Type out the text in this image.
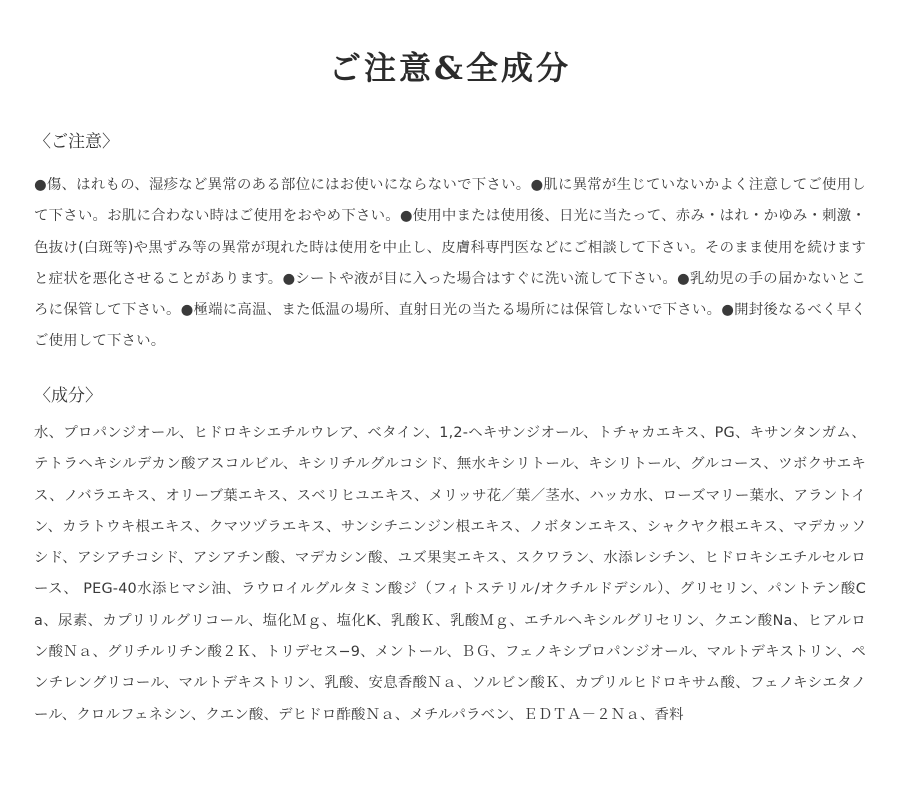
ご注意&全成分
〈ご注意〉
●傷、はれもの、湿疹など異常のある部位にはお使いにならないで下さい。●肌に異常が生じていないかよく注意してご使用して下さい。お肌に合わない時はご使用をおやめ下さい。●使用中または使用後、日光に当たって、赤み・はれ・かゆみ・刺激・色抜け(白斑等)や黒ずみ等の異常が現れた時は使用を中止し、皮膚科専門医などにご相談して下さい。そのまま使用を続けますと症状を悪化させることがあります。●シートや液が目に入った場合はすぐに洗い流して下さい。●乳幼児の手の届かないところに保管して下さい。●極端に高温、また低温の場所、直射日光の当たる場所には保管しないで下さい。●開封後なるべく早くご使用して下さい。
〈成分〉
水、プロパンジオール、ヒドロキシエチルウレア、ベタイン、1,2-ヘキサンジオール、トチャカエキス、PG、キサンタンガム、テトラヘキシルデカン酸アスコルビル、キシリチルグルコシド、無水キシリトール、キシリトール、グルコース、ツボクサエキス、ノバラエキス、オリーブ葉エキス、スベリヒユエキス、メリッサ花／葉／茎水、ハッカ水、ローズマリー葉水、アラントイン、カラトウキ根エキス、クマツヅラエキス、サンシチニンジン根エキス、ノボタンエキス、シャクヤク根エキス、マデカッソシド、アシアチコシド、アシアチン酸、マデカシン酸、ユズ果実エキス、スクワラン、水添レシチン、ヒドロキシエチルセルロース、 PEG-40水添ヒマシ油、ラウロイルグルタミン酸ジ（フィトステリル/オクチルドデシル）、グリセリン、パントテン酸Ca、尿素、カプリリルグリコール、塩化Ｍｇ、塩化K、乳酸Ｋ、乳酸Ｍｇ、エチルヘキシルグリセリン、クエン酸Na、ヒアルロン酸Ｎａ、グリチルリチン酸２Ｋ、トリデセス−9、メントール、ＢＧ、フェノキシプロパンジオール、マルトデキストリン、ペンチレングリコール、マルトデキストリン、乳酸、安息香酸Ｎａ、ソルビン酸Ｋ、カプリルヒドロキサム酸、フェノキシエタノール、クロルフェネシン、クエン酸、デヒドロ酢酸Ｎａ、メチルパラベン、ＥＤＴＡ－２Ｎａ、香料
